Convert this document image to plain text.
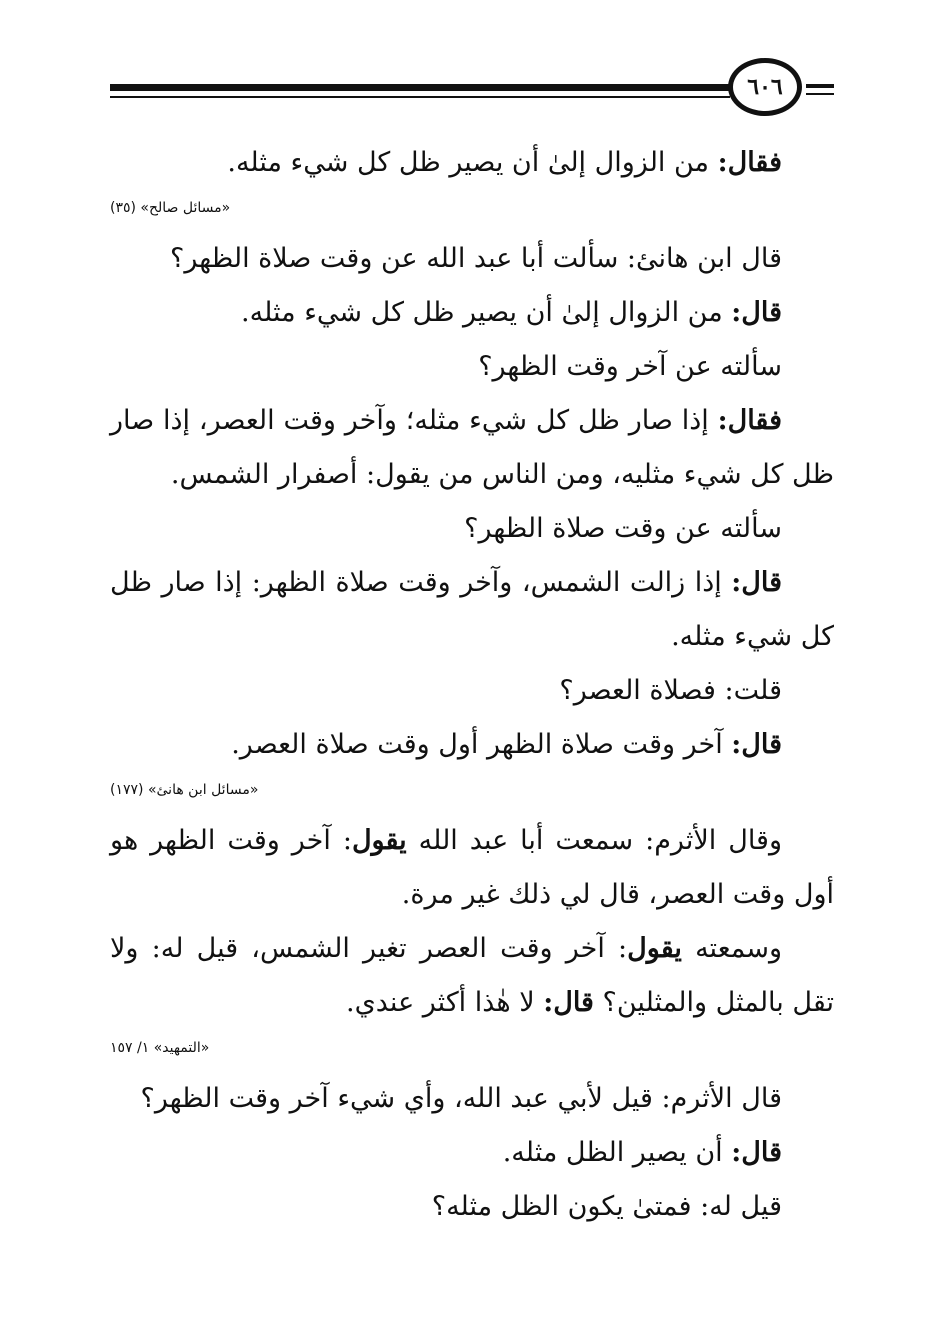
٦٠٦

فقال: من الزوال إلىٰ أن يصير ظل كل شيء مثله.

«مسائل صالح» (٣٥)

قال ابن هانئ: سألت أبا عبد الله عن وقت صلاة الظهر؟

قال: من الزوال إلىٰ أن يصير ظل كل شيء مثله.

سألته عن آخر وقت الظهر؟

فقال: إذا صار ظل كل شيء مثله؛ وآخر وقت العصر، إذا صار ظل كل شيء مثليه، ومن الناس من يقول: أصفرار الشمس.

سألته عن وقت صلاة الظهر؟

قال: إذا زالت الشمس، وآخر وقت صلاة الظهر: إذا صار ظل كل شيء مثله.

قلت: فصلاة العصر؟

قال: آخر وقت صلاة الظهر أول وقت صلاة العصر.

«مسائل ابن هانئ» (١٧٧)

وقال الأثرم: سمعت أبا عبد الله يقول: آخر وقت الظهر هو أول وقت العصر، قال لي ذلك غير مرة.

وسمعته يقول: آخر وقت العصر تغير الشمس، قيل له: ولا تقل بالمثل والمثلين؟ قال: لا هٰذا أكثر عندي.

«التمهيد» ١/ ١٥٧

قال الأثرم: قيل لأبي عبد الله، وأي شيء آخر وقت الظهر؟

قال: أن يصير الظل مثله.

قيل له: فمتىٰ يكون الظل مثله؟
